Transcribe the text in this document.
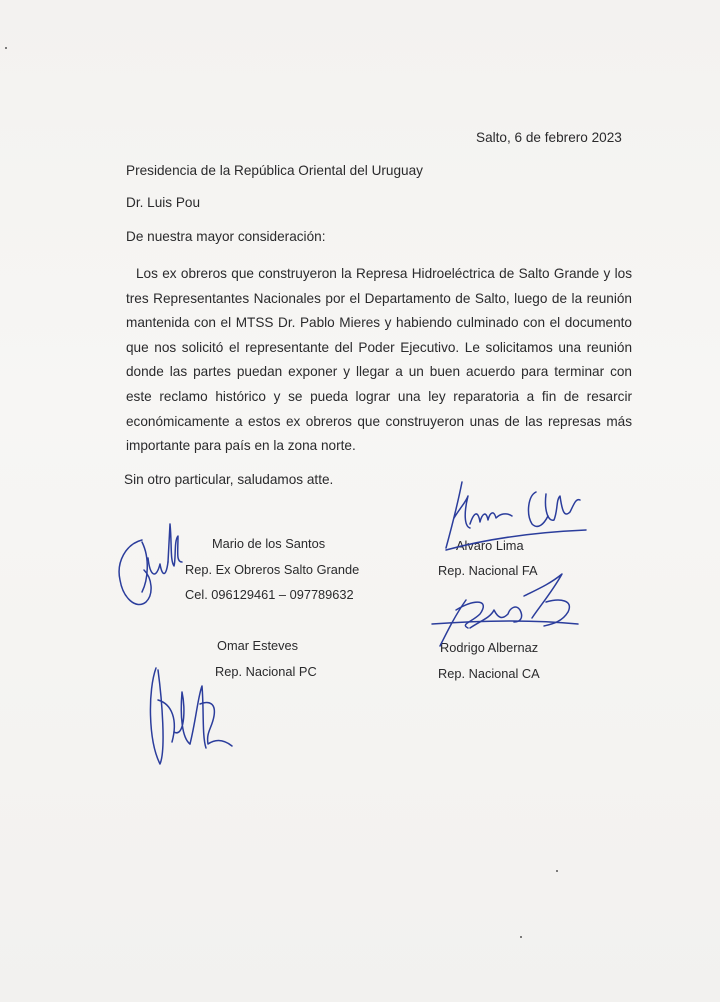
Salto, 6 de febrero 2023
Presidencia de la República Oriental del Uruguay
Dr. Luis Pou
De nuestra mayor consideración:

Los ex obreros que construyeron la Represa Hidroeléctrica de Salto Grande y los tres Representantes Nacionales por el Departamento de Salto, luego de la reunión mantenida con el MTSS Dr. Pablo Mieres y habiendo culminado con el documento que nos solicitó el representante del Poder Ejecutivo. Le solicitamos una reunión donde las partes puedan exponer y llegar a un buen acuerdo para terminar con este reclamo histórico y se pueda lograr una ley reparatoria a fin de resarcir económicamente a estos ex obreros que construyeron unas de las represas más importante para país en la zona norte.

Sin otro particular, saludamos atte.
Mario de los Santos
Rep. Ex Obreros Salto Grande
Cel. 096129461 – 097789632
Omar Esteves
Rep. Nacional PC
Alvaro Lima
Rep. Nacional FA
Rodrigo Albernaz
Rep. Nacional CA
